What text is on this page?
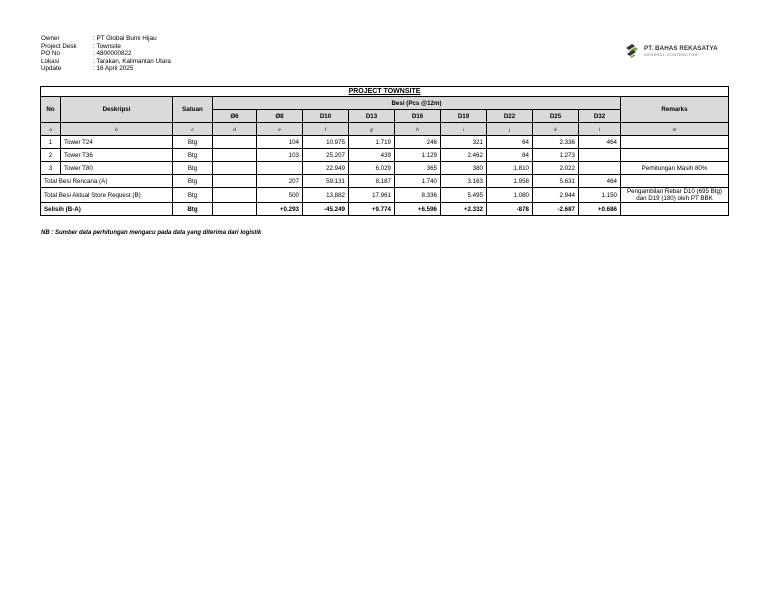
Owner	: PT Global Bumi Hijau
Project Desk	: Townsite
PO No	: 4800000822
Lokasi	: Tarakan, Kalimantan Utara
Update	: 16 April 2025
PT. BAHAS REKASATYA
GENERAL CONTRACTOR
PROJECT TOWNSITE												
No	Deskripsi	Satuan	Besi (Pcs @12m)									Remarks
			Ø6	Ø8	D10	D13	D16	D19	D22	D25	D32	
a	b	c	d	e	f	g	h	i	j	k	l	m
1	Tower T24	Btg		104	10.975	1.719	246	321	64	2.336	464	
2	Tower T36	Btg		103	25.207	439	1.129	2.462	84	1.273		
3	Tower T80	Btg			22.949	6.029	365	380	1.810	2.022		Perhitungan Masih 80%
Total Besi Rencana (A)		Btg		207	59.131	8.187	1.740	3.163	1.958	5.631	464	
Total Besi Aktual Store Request (B)		Btg		500	13.882	17.961	8.336	5.495	1.080	2.944	1.150	Pengambilan Rebar D10 (695 Btg)
dan D19 (180) oleh PT BBK

Selisih (B-A)		Btg		+0.293	-45.249	+9.774	+6.596	+2.332	-878	-2.687	+0.686	
NB : Sumber data perhitungan mengacu pada data yang diterima dari logistik
